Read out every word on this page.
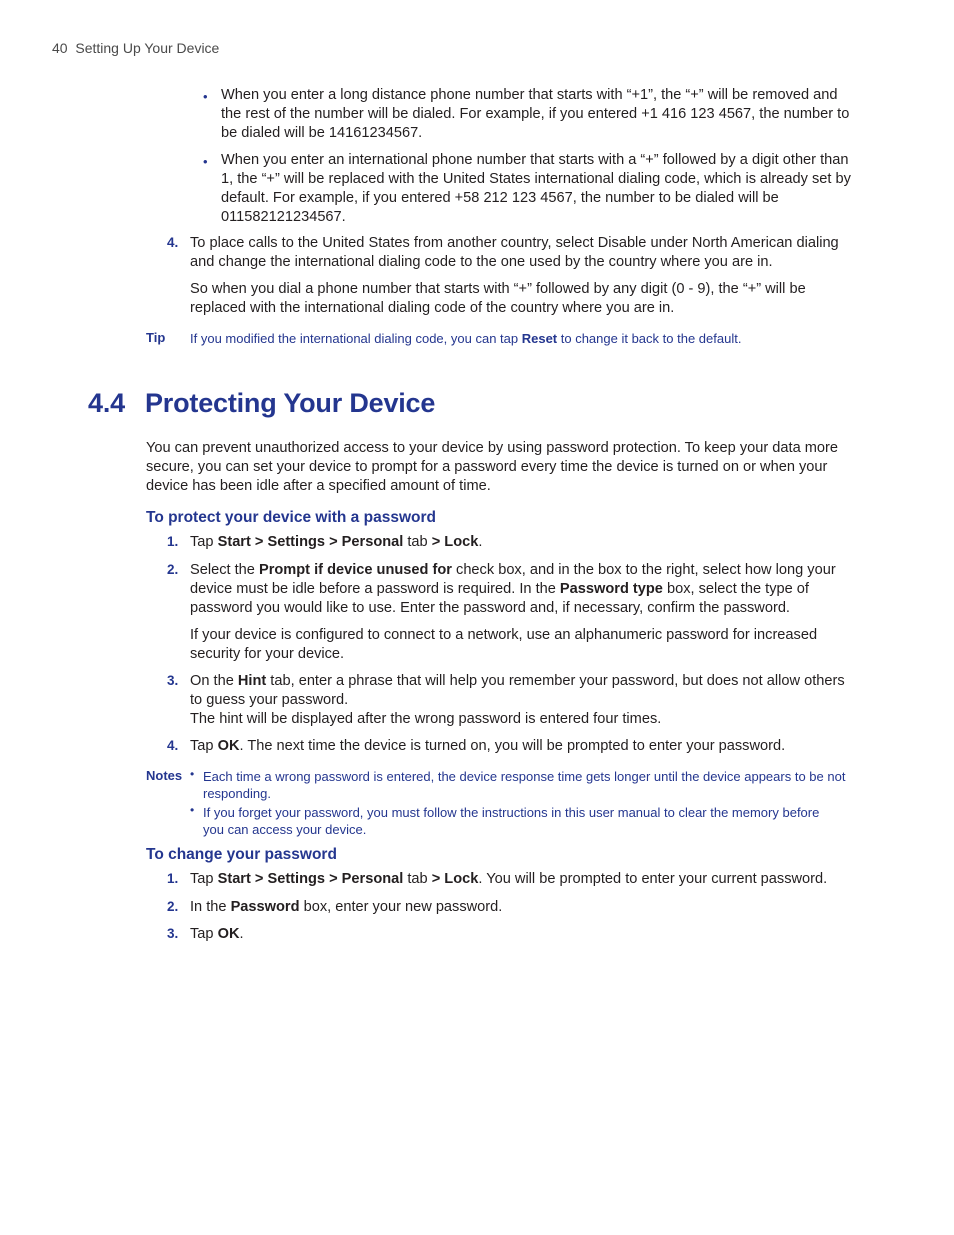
40 Setting Up Your Device
• When you enter a long distance phone number that starts with “+1”, the “+” will be removed and the rest of the number will be dialed. For example, if you entered +1 416 123 4567, the number to be dialed will be 14161234567.
• When you enter an international phone number that starts with a “+” followed by a digit other than 1, the “+” will be replaced with the United States international dialing code, which is already set by default. For example, if you entered +58 212 123 4567, the number to be dialed will be 011582121234567.
4. To place calls to the United States from another country, select Disable under North American dialing and change the international dialing code to the one used by the country where you are in.
So when you dial a phone number that starts with “+” followed by any digit (0 - 9), the “+” will be replaced with the international dialing code of the country where you are in.
Tip If you modified the international dialing code, you can tap Reset to change it back to the default.
4.4 Protecting Your Device
You can prevent unauthorized access to your device by using password protection. To keep your data more secure, you can set your device to prompt for a password every time the device is turned on or when your device has been idle after a specified amount of time.
To protect your device with a password
1. Tap Start > Settings > Personal tab > Lock.
2. Select the Prompt if device unused for check box, and in the box to the right, select how long your device must be idle before a password is required. In the Password type box, select the type of password you would like to use. Enter the password and, if necessary, confirm the password.
If your device is configured to connect to a network, use an alphanumeric password for increased security for your device.
3. On the Hint tab, enter a phrase that will help you remember your password, but does not allow others to guess your password.
The hint will be displayed after the wrong password is entered four times.
4. Tap OK. The next time the device is turned on, you will be prompted to enter your password.
Notes • Each time a wrong password is entered, the device response time gets longer until the device appears to be not responding.
• If you forget your password, you must follow the instructions in this user manual to clear the memory before you can access your device.
To change your password
1. Tap Start > Settings > Personal tab > Lock. You will be prompted to enter your current password.
2. In the Password box, enter your new password.
3. Tap OK.
